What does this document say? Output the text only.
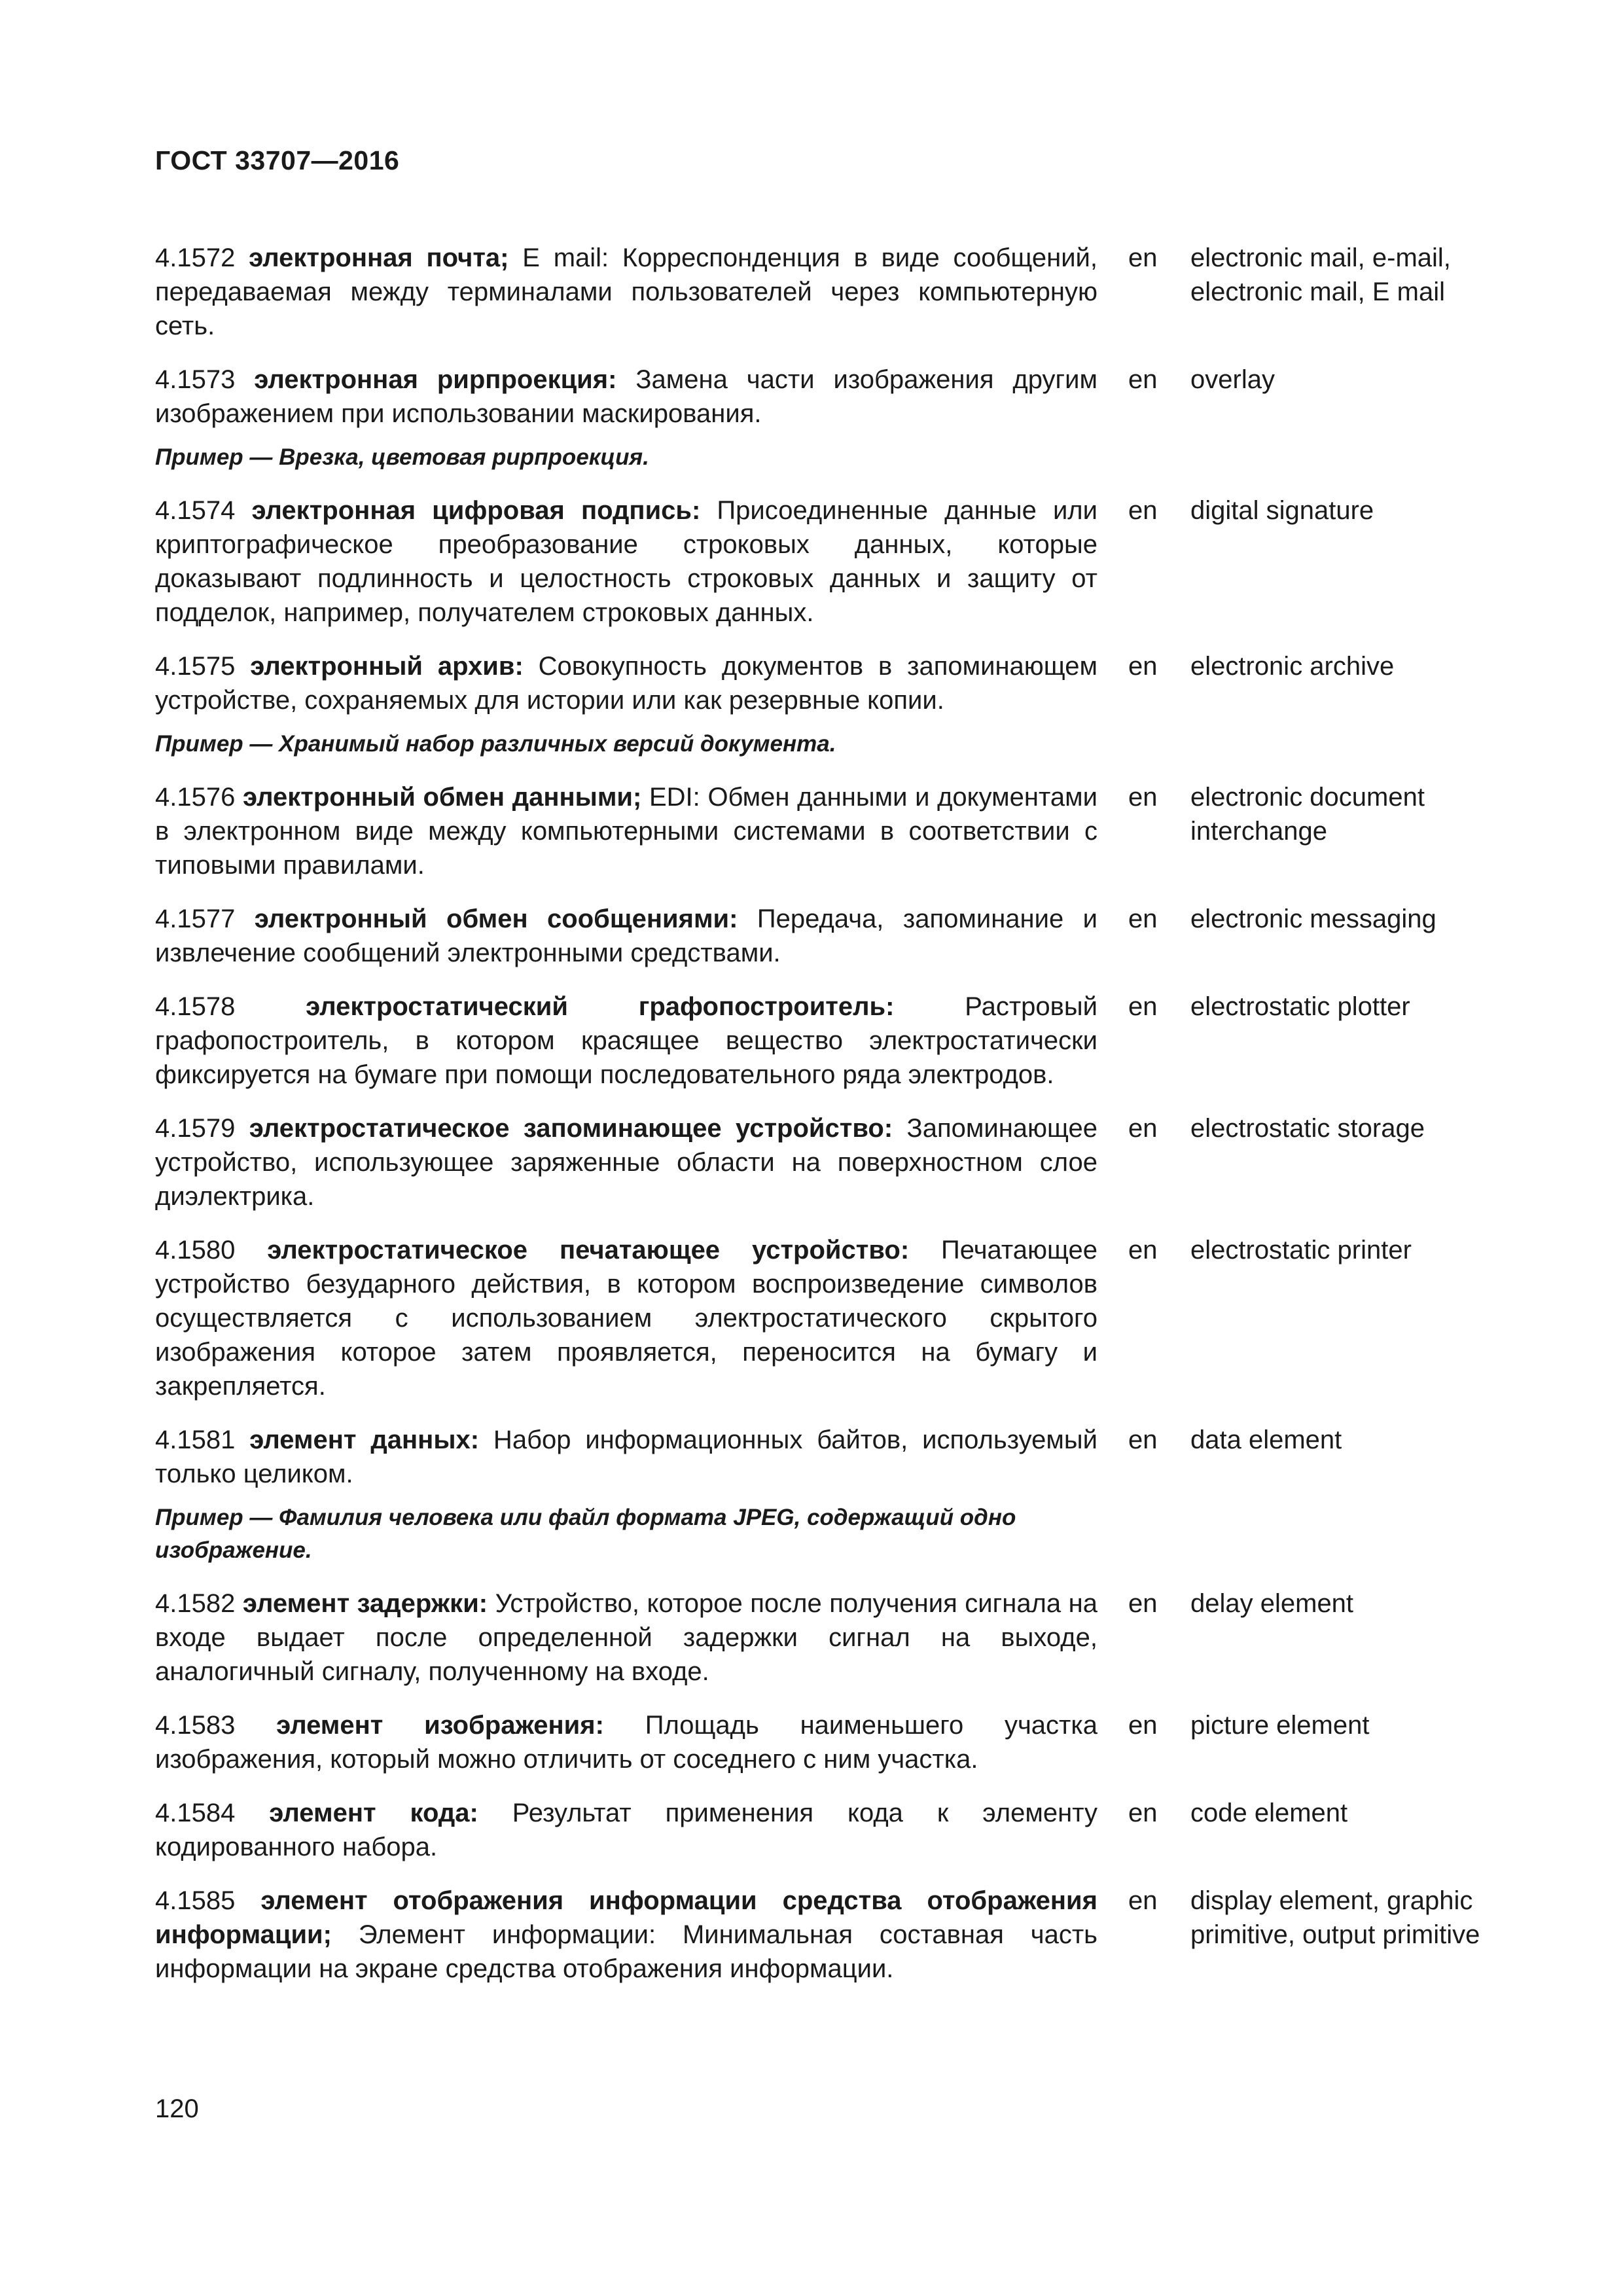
ГОСТ 33707—2016
4.1572 электронная почта; E mail: Корреспонденция в виде сообщений, передаваемая между терминалами пользователей через компьютерную сеть.
en	electronic mail, e-mail, electronic mail, E mail
4.1573 электронная рирпроекция: Замена части изображения другим изображением при использовании маскирования.
en	overlay
Пример — Врезка, цветовая рирпроекция.
4.1574 электронная цифровая подпись: Присоединенные данные или криптографическое преобразование строковых данных, которые доказывают подлинность и целостность строковых данных и защиту от подделок, например, получателем строковых данных.
en	digital signature
4.1575 электронный архив: Совокупность документов в запоминающем устройстве, сохраняемых для истории или как резервные копии.
en	electronic archive
Пример — Хранимый набор различных версий документа.
4.1576 электронный обмен данными; EDI: Обмен данными и документами в электронном виде между компьютерными системами в соответствии с типовыми правилами.
en	electronic document interchange
4.1577 электронный обмен сообщениями: Передача, запоминание и извлечение сообщений электронными средствами.
en	electronic messaging
4.1578	электростатический графопостроитель: Растровый графопостроитель, в котором красящее вещество электростатически фиксируется на бумаге при помощи последовательного ряда электродов.
en	electrostatic plotter
4.1579 электростатическое запоминающее устройство: Запоминающее устройство, использующее заряженные области на поверхностном слое диэлектрика.
en	electrostatic storage
4.1580 электростатическое печатающее устройство: Печатающее устройство безударного действия, в котором воспроизведение символов осуществляется с использованием электростатического скрытого изображения которое затем проявляется, переносится на бумагу и закрепляется.
en	electrostatic printer
4.1581 элемент данных: Набор информационных байтов, используемый только целиком.
en	data element
Пример — Фамилия человека или файл формата JPEG, содержащий одно изображение.
4.1582 элемент задержки: Устройство, которое после получения сигнала на входе выдает после определенной задержки сигнал на выходе, аналогичный сигналу, полученному на входе.
en	delay element
4.1583 элемент изображения: Площадь наименьшего участка изображения, который можно отличить от соседнего с ним участка.
en	picture element
4.1584 элемент кода: Результат применения кода к элементу кодированного набора.
en	code element
4.1585 элемент отображения информации средства отображения информации; Элемент информации: Минимальная составная часть информации на экране средства отображения информации.
en	display element, graphic primitive, output primitive
120
